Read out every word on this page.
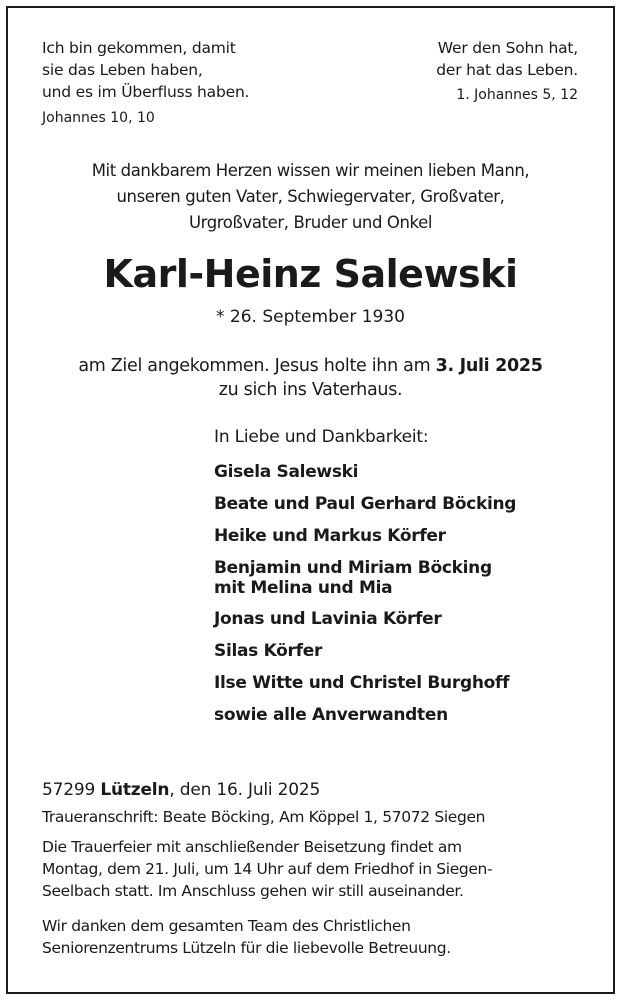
Ich bin gekommen, damit
sie das Leben haben,
und es im Überfluss haben.
Johannes 10, 10
Wer den Sohn hat,
der hat das Leben.
1. Johannes 5, 12
Mit dankbarem Herzen wissen wir meinen lieben Mann,
unseren guten Vater, Schwiegervater, Großvater,
Urgroßvater, Bruder und Onkel
Karl-Heinz Salewski
* 26. September 1930
am Ziel angekommen. Jesus holte ihn am 3. Juli 2025
zu sich ins Vaterhaus.
In Liebe und Dankbarkeit:
Gisela Salewski
Beate und Paul Gerhard Böcking
Heike und Markus Körfer
Benjamin und Miriam Böcking
mit Melina und Mia
Jonas und Lavinia Körfer
Silas Körfer
Ilse Witte und Christel Burghoff
sowie alle Anverwandten
57299 Lützeln, den 16. Juli 2025
Traueranschrift: Beate Böcking, Am Köppel 1, 57072 Siegen
Die Trauerfeier mit anschließender Beisetzung findet am
Montag, dem 21. Juli, um 14 Uhr auf dem Friedhof in Siegen-
Seelbach statt. Im Anschluss gehen wir still auseinander.
Wir danken dem gesamten Team des Christlichen
Seniorenzentrums Lützeln für die liebevolle Betreuung.
